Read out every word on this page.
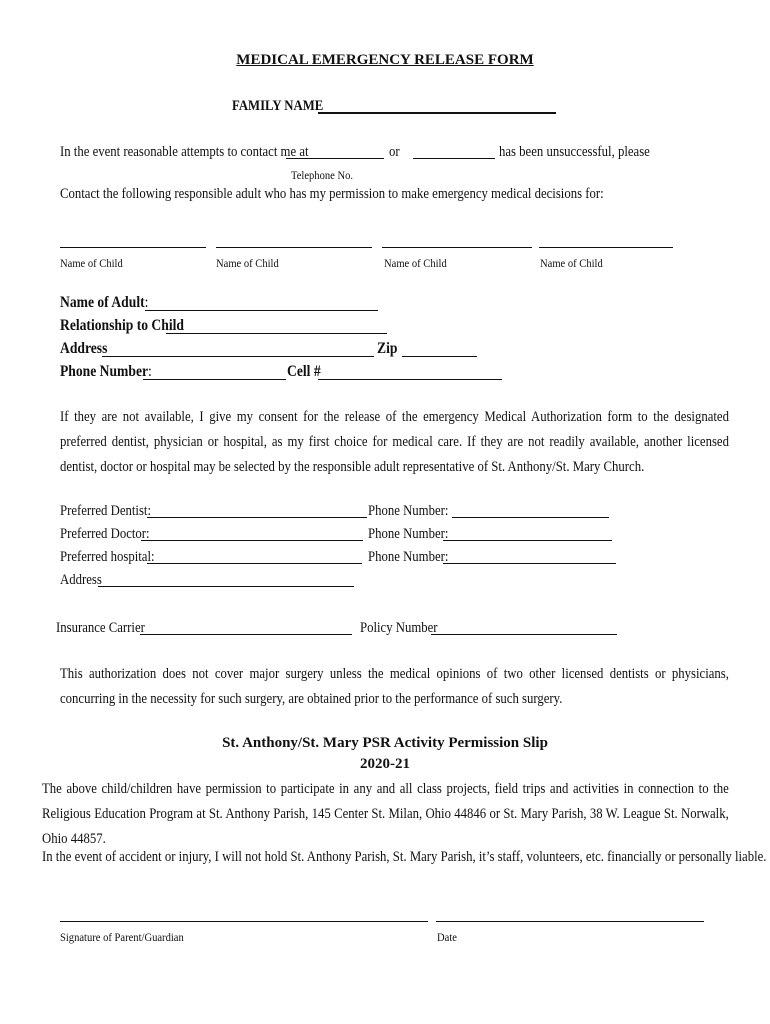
MEDICAL EMERGENCY RELEASE FORM
FAMILY NAME
In the event reasonable attempts to contact me at	or	has been unsuccessful, please
Telephone No.
Contact the following responsible adult who has my permission to make emergency medical decisions for:
Name of Child	Name of Child	Name of Child	Name of Child
Name of Adult:
Relationship to Child
Address	Zip
Phone Number:	Cell #
If they are not available, I give my consent for the release of the emergency Medical Authorization form to the designated preferred dentist, physician or hospital, as my first choice for medical care. If they are not readily available, another licensed dentist, doctor or hospital may be selected by the responsible adult representative of St. Anthony/St. Mary Church.
Preferred Dentist:	Phone Number:
Preferred Doctor:	Phone Number:
Preferred hospital:	Phone Number:
Address
Insurance Carrier	Policy Number
This authorization does not cover major surgery unless the medical opinions of two other licensed dentists or physicians, concurring in the necessity for such surgery, are obtained prior to the performance of such surgery.
St. Anthony/St. Mary PSR Activity Permission Slip
2020-21
The above child/children have permission to participate in any and all class projects, field trips and activities in connection to the Religious Education Program at St. Anthony Parish, 145 Center St. Milan, Ohio 44846 or St. Mary Parish, 38 W. League St. Norwalk, Ohio 44857.
In the event of accident or injury, I will not hold St. Anthony Parish, St. Mary Parish, it’s staff, volunteers, etc. financially or personally liable.
Signature of Parent/Guardian	Date
